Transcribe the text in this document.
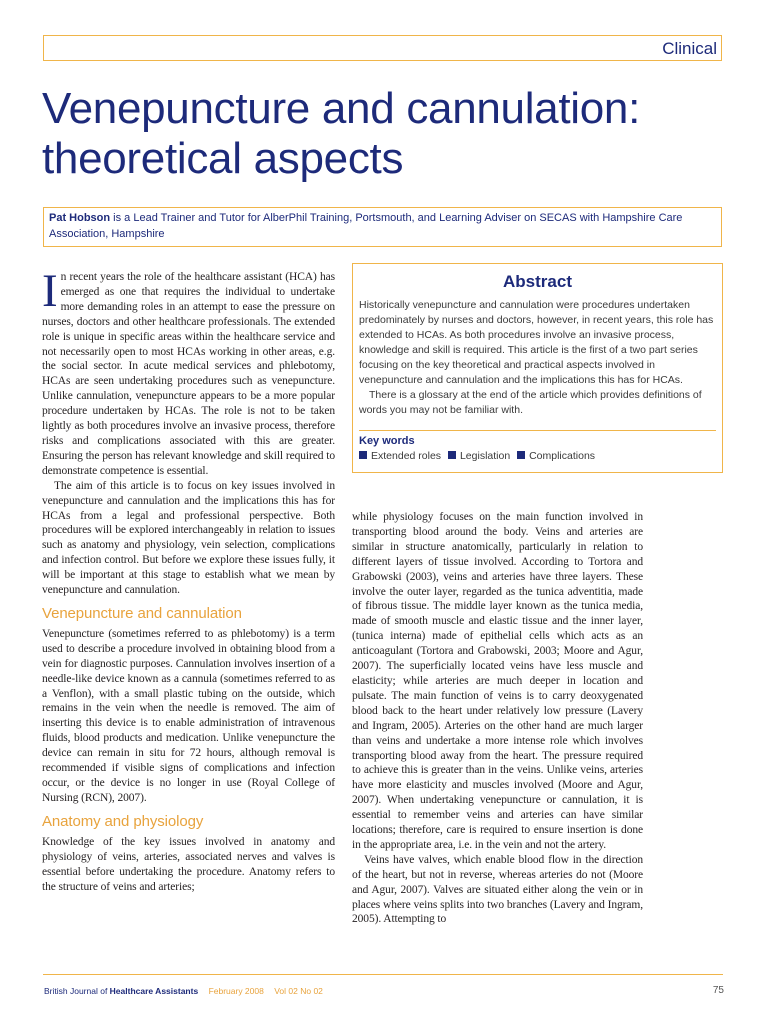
Clinical
Venepuncture and cannulation: theoretical aspects
Pat Hobson is a Lead Trainer and Tutor for AlberPhil Training, Portsmouth, and Learning Adviser on SECAS with Hampshire Care Association, Hampshire

In recent years the role of the healthcare assistant (HCA) has emerged as one that requires the individual to undertake more demanding roles in an attempt to ease the pressure on nurses, doctors and other healthcare professionals. The extended role is unique in specific areas within the healthcare service and not necessarily open to most HCAs working in other areas, e.g. the social sector. In acute medical services and phlebotomy, HCAs are seen undertaking procedures such as venepuncture. Unlike cannulation, venepuncture appears to be a more popular procedure undertaken by HCAs. The role is not to be taken lightly as both procedures involve an invasive process, therefore risks and complications associated with this are greater. Ensuring the person has relevant knowledge and skill required to demonstrate competence is essential.

The aim of this article is to focus on key issues involved in venepuncture and cannulation and the implications this has for HCAs from a legal and professional perspective. Both procedures will be explored interchangeably in relation to issues such as anatomy and physiology, vein selection, complications and infection control. But before we explore these issues fully, it will be important at this stage to establish what we mean by venepuncture and cannulation.

Venepuncture and cannulation

Venepuncture (sometimes referred to as phlebotomy) is a term used to describe a procedure involved in obtaining blood from a vein for diagnostic purposes. Cannulation involves insertion of a needle-like device known as a cannula (sometimes referred to as a Venflon), with a small plastic tubing on the outside, which remains in the vein when the needle is removed. The aim of inserting this device is to enable administration of intravenous fluids, blood products and medication. Unlike venepuncture the device can remain in situ for 72 hours, although removal is recommended if visible signs of complications and infection occur, or the device is no longer in use (Royal College of Nursing (RCN), 2007).

Anatomy and physiology

Knowledge of the key issues involved in anatomy and physiology of veins, arteries, associated nerves and valves is essential before undertaking the procedure. Anatomy refers to the structure of veins and arteries;

Abstract

Historically venepuncture and cannulation were procedures undertaken predominately by nurses and doctors, however, in recent years, this role has extended to HCAs. As both procedures involve an invasive process, knowledge and skill is required. This article is the first of a two part series focusing on the key theoretical and practical aspects involved in venepuncture and cannulation and the implications this has for HCAs.

There is a glossary at the end of the article which provides definitions of words you may not be familiar with.

Key words
Extended roles Legislation Complications

while physiology focuses on the main function involved in transporting blood around the body. Veins and arteries are similar in structure anatomically, particularly in relation to different layers of tissue involved. According to Tortora and Grabowski (2003), veins and arteries have three layers. These involve the outer layer, regarded as the tunica adventitia, made of fibrous tissue. The middle layer known as the tunica media, made of smooth muscle and elastic tissue and the inner layer, (tunica interna) made of epithelial cells which acts as an anticoagulant (Tortora and Grabowski, 2003; Moore and Agur, 2007). The superficially located veins have less muscle and elasticity; while arteries are much deeper in location and pulsate. The main function of veins is to carry deoxygenated blood back to the heart under relatively low pressure (Lavery and Ingram, 2005). Arteries on the other hand are much larger than veins and undertake a more intense role which involves transporting blood away from the heart. The pressure required to achieve this is greater than in the veins. Unlike veins, arteries have more elasticity and muscles involved (Moore and Agur, 2007). When undertaking venepuncture or cannulation, it is essential to remember veins and arteries can have similar locations; therefore, care is required to ensure insertion is done in the appropriate area, i.e. in the vein and not the artery.

Veins have valves, which enable blood flow in the direction of the heart, but not in reverse, whereas arteries do not (Moore and Agur, 2007). Valves are situated either along the vein or in places where veins splits into two branches (Lavery and Ingram, 2005). Attempting to

British Journal of Healthcare Assistants February 2008 Vol 02 No 02	75
